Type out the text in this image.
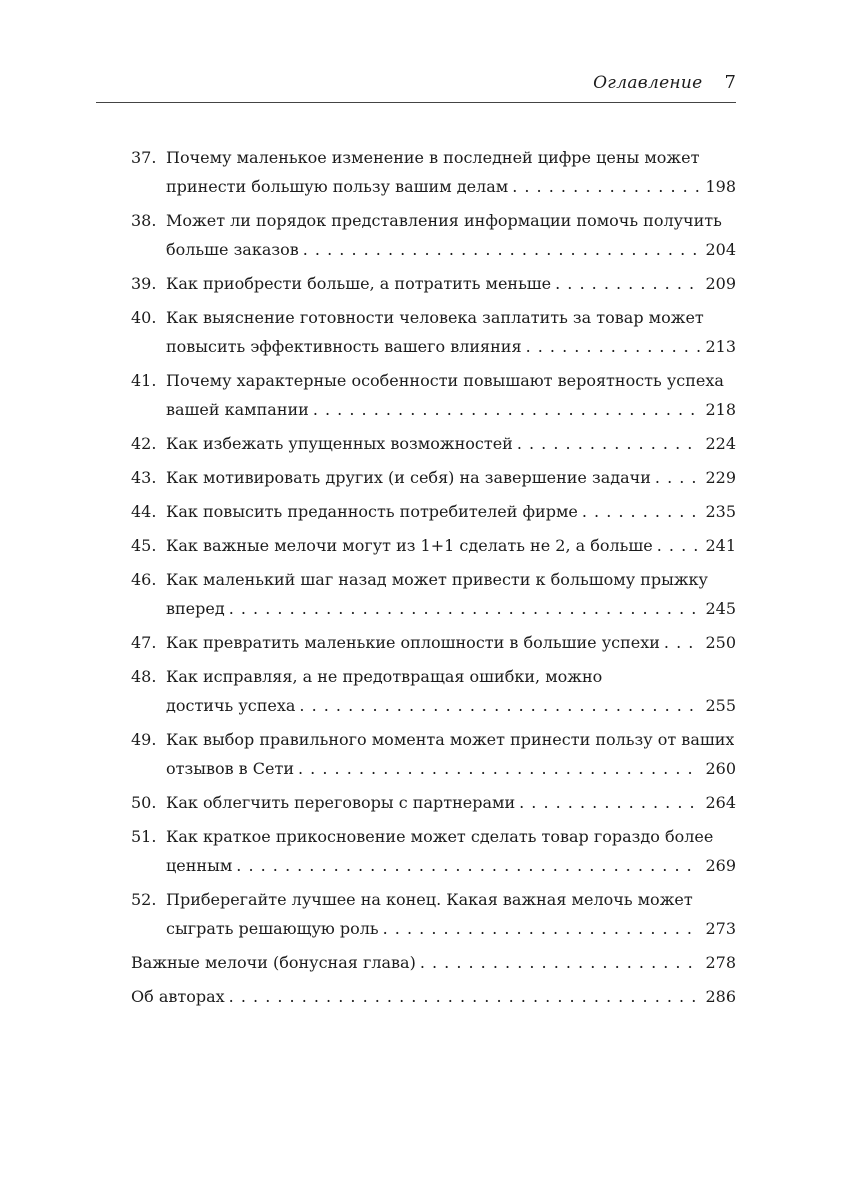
Оглавление 7
37. Почему маленькое изменение в последней цифре цены может
принести большую пользу вашим делам . . .	198
38. Может ли порядок представления информации помочь получить
больше заказов . . .	204
39. Как приобрести больше, а потратить меньше . . .	209
40. Как выяснение готовности человека заплатить за товар может
повысить эффективность вашего влияния . . .	213
41. Почему характерные особенности повышают вероятность успеха
вашей кампании . . .	218
42. Как избежать упущенных возможностей . . .	224
43. Как мотивировать других (и себя) на завершение задачи . . .	229
44. Как повысить преданность потребителей фирме . . .	235
45. Как важные мелочи могут из 1+1 сделать не 2, а больше . . .	241
46. Как маленький шаг назад может привести к большому прыжку
вперед . . .	245
47. Как превратить маленькие оплошности в большие успехи . . .	250
48. Как исправляя, а не предотвращая ошибки, можно
достичь успеха . . .	255
49. Как выбор правильного момента может принести пользу от ваших
отзывов в Сети . . .	260
50. Как облегчить переговоры с партнерами . . .	264
51. Как краткое прикосновение может сделать товар гораздо более
ценным . . .	269
52. Приберегайте лучшее на конец. Какая важная мелочь может
сыграть решающую роль . . .	273
Важные мелочи (бонусная глава) . . .	278
Об авторах . . .	286
